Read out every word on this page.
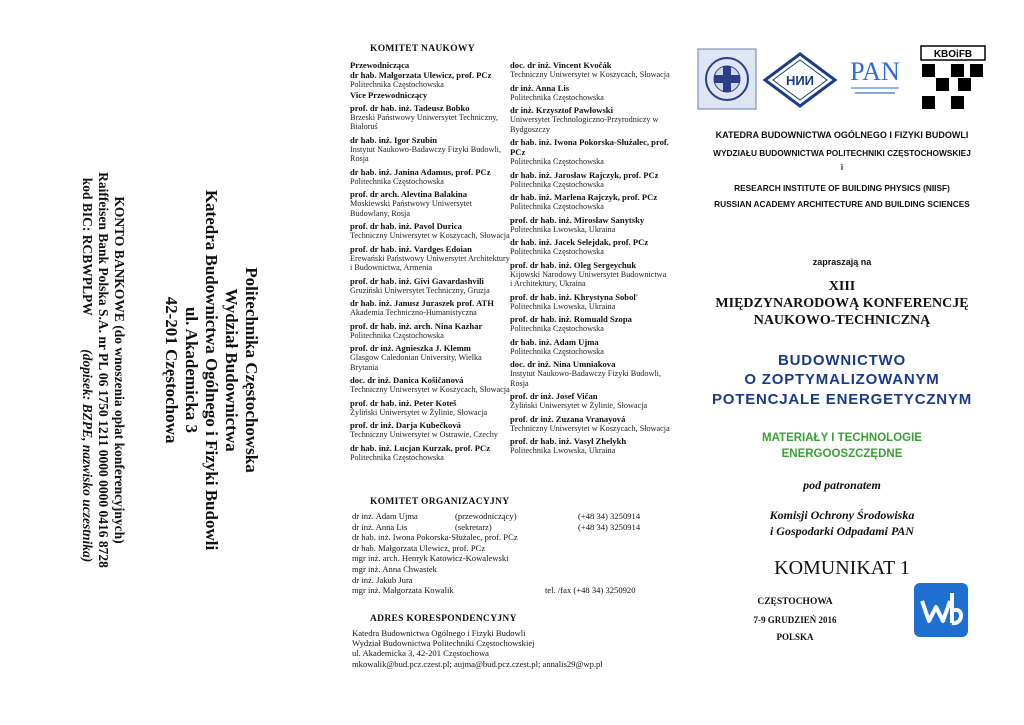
Politechnika Częstochowska
Wydział Budownictwa
Katedra Budownictwa Ogólnego i Fizyki Budowli
ul. Akademicka 3
42-201 Częstochowa
KONTO BANKOWE (do wnoszenia opłat konferencyjnych)
Raiffeisen Bank Polska S.A. nr PL 06 1750 1211 0000 0000 0416 8728
kod BIC: RCBWPLPW          (dopisek: BZPE, nazwisko uczestnika)
KOMITET NAUKOWY
Przewodnicząca
dr hab. Małgorzata Ulewicz, prof. PCz
Politechnika Częstochowska
Vice Przewodniczący
prof. dr hab. inż. Tadeusz Bobko
Brzeski Państwowy Uniwersytet Techniczny, Białoruś
dr hab. inż. Igor Szubin
Instytut Naukowo-Badawczy Fizyki Budowli, Rosja
dr hab. inż. Janina Adamus, prof. PCz
Politechnika Częstochowska
prof. dr arch. Alevtina Balakina
Moskiewski Państwowy Uniwersytet Budowlany, Rosja
prof. dr hab. inż. Pavol Durica
Techniczny Uniwersytet w Koszycach, Słowacja
prof. dr hab. inż. Vardges Edoian
Erewański Państwowy Uniwersytet Architektury i Budownictwa, Armenia
prof. dr hab. inż. Givi Gavardashvili
Gruziński Uniwersytet Techniczny, Gruzja
dr hab. inż. Janusz Juraszek prof. ATH
Akademia Techniczno-Humanistyczna
prof. dr hab. inż. arch. Nina Kazhar
Politechnika Częstochowska
prof. dr inż. Agnieszka J. Klemm
Glasgow Caledonian University, Wielka Brytania
doc. dr inż. Danica Košičanová
Techniczny Uniwersytet w Koszycach, Słowacja
prof. dr hab. inż. Peter Koteš
Żyliński Uniwersytet w Żylinie, Słowacja
prof. dr inż. Darja Kubečková
Techniczny Uniwersytet w Ostrawie, Czechy
dr hab. inż. Lucjan Kurzak, prof. PCz
Politechnika Częstochowska
doc. dr inż. Vincent Kvočák
Techniczny Uniwersytet w Koszycach, Słowacja
dr inż. Anna Lis
Politechnika Częstochowska
dr inż. Krzysztof Pawłowski
Uniwersytet Technologiczno-Przyrodniczy w Bydgoszczy
dr hab. inż. Iwona Pokorska-Służalec, prof. PCz
Politechnika Częstochowska
dr hab. inż. Jarosław Rajczyk, prof. PCz
Politechnika Częstochowska
dr hab. inż. Marlena Rajczyk, prof. PCz
Politechnika Częstochowska
prof. dr hab. inż. Mirosław Sanytsky
Politechnika Lwowska, Ukraina
dr hab. inż. Jacek Selejdak, prof. PCz
Politechnika Częstochowska
prof. dr hab. inż. Oleg Sergeychuk
Kijowski Narodowy Uniwersytet Budownictwa i Architektury, Ukraina
prof. dr hab. inż. Khrystyna Sobol'
Politechnika Lwowska, Ukraina
prof. dr hab. inż. Romuald Szopa
Politechnika Częstochowska
dr hab. inż. Adam Ujma
Politechnika Częstochowska
doc. dr inż. Nina Umniakova
Instytut Naukowo-Badawczy Fizyki Budowli, Rosja
prof. dr inż. Josef Vičan
Żyliński Uniwersytet w Żylinie, Słowacja
prof. dr inż. Zuzana Vranayová
Techniczny Uniwersytet w Koszycach, Słowacja
prof. dr hab. inż. Vasyl Zhelykh
Politechnika Lwowska, Ukraina
KOMITET ORGANIZACYJNY
dr inż. Adam Ujma	(przewodniczący)	(+48 34) 3250914
dr inż. Anna Lis	(sekretarz)	(+48 34) 3250914
dr hab. inż. Iwona Pokorska-Służalec, prof. PCz
dr hab. Małgorzata Ulewicz, prof. PCz
mgr inż. arch. Henryk Katowicz-Kowalewski
mgr inż. Anna Chwastek
dr inż. Jakub Jura
mgr inż. Małgorzata Kowalik	tel. /fax (+48 34) 3250920
ADRES KORESPONDENCYJNY
Katedra Budownictwa Ogólnego i Fizyki Budowli
Wydział Budownictwa Politechniki Częstochowskiej
ul. Akademicka 3, 42-201 Częstochowa
mkowalik@bud.pcz.czest.pl; aujma@bud.pcz.czest.pl; annalis29@wp.pl
НИИ PAN
KBOiFB
KATEDRA BUDOWNICTWA OGÓLNEGO I FIZYKI BUDOWLI
WYDZIAŁU BUDOWNICTWA POLITECHNIKI CZĘSTOCHOWSKIEJ
i
RESEARCH INSTITUTE OF BUILDING PHYSICS (NIISF)
RUSSIAN ACADEMY ARCHITECTURE AND BUILDING SCIENCES
zapraszają na
XIII
MIĘDZYNARODOWĄ KONFERENCJĘ
NAUKOWO-TECHNICZNĄ
BUDOWNICTWO
O ZOPTYMALIZOWANYM
POTENCJALE ENERGETYCZNYM
MATERIAŁY I TECHNOLOGIE
ENERGOOSZCZĘDNE
pod patronatem
Komisji Ochrony Środowiska
i Gospodarki Odpadami PAN
KOMUNIKAT 1
CZĘSTOCHOWA
7-9 GRUDZIEŃ 2016
POLSKA
